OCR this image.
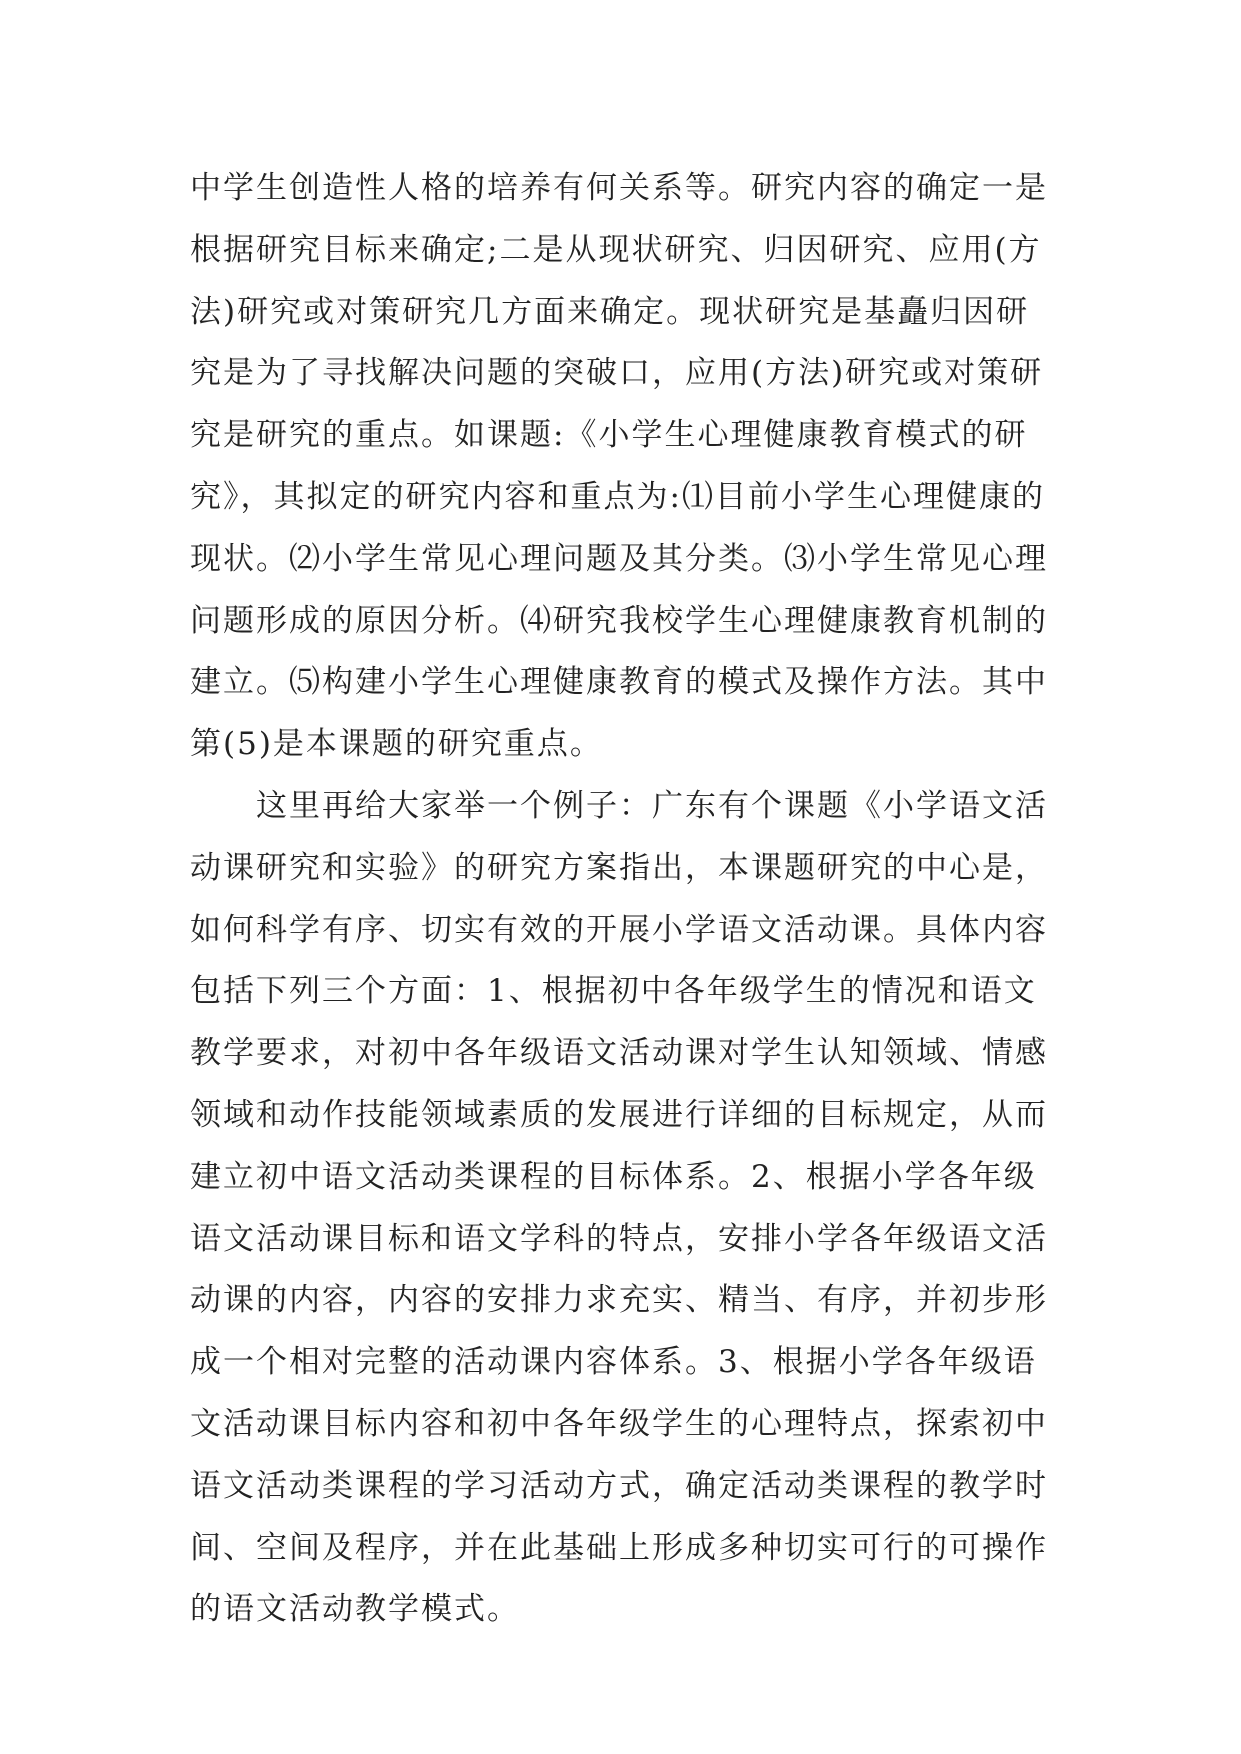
中学生创造性人格的培养有何关系等。研究内容的确定一是
根据研究目标来确定;二是从现状研究、归因研究、应用(方
法)研究或对策研究几方面来确定。现状研究是基矗归因研
究是为了寻找解决问题的突破口，应用(方法)研究或对策研
究是研究的重点。如课题:《小学生心理健康教育模式的研
究》，其拟定的研究内容和重点为:⑴目前小学生心理健康的
现状。⑵小学生常见心理问题及其分类。⑶小学生常见心理
问题形成的原因分析。⑷研究我校学生心理健康教育机制的
建立。⑸构建小学生心理健康教育的模式及操作方法。其中
第(5)是本课题的研究重点。

这里再给大家举一个例子：广东有个课题《小学语文活
动课研究和实验》的研究方案指出，本课题研究的中心是，
如何科学有序、切实有效的开展小学语文活动课。具体内容
包括下列三个方面：1、根据初中各年级学生的情况和语文
教学要求，对初中各年级语文活动课对学生认知领域、情感
领域和动作技能领域素质的发展进行详细的目标规定，从而
建立初中语文活动类课程的目标体系。2、根据小学各年级
语文活动课目标和语文学科的特点，安排小学各年级语文活
动课的内容，内容的安排力求充实、精当、有序，并初步形
成一个相对完整的活动课内容体系。3、根据小学各年级语
文活动课目标内容和初中各年级学生的心理特点，探索初中
语文活动类课程的学习活动方式，确定活动类课程的教学时
间、空间及程序，并在此基础上形成多种切实可行的可操作
的语文活动教学模式。
